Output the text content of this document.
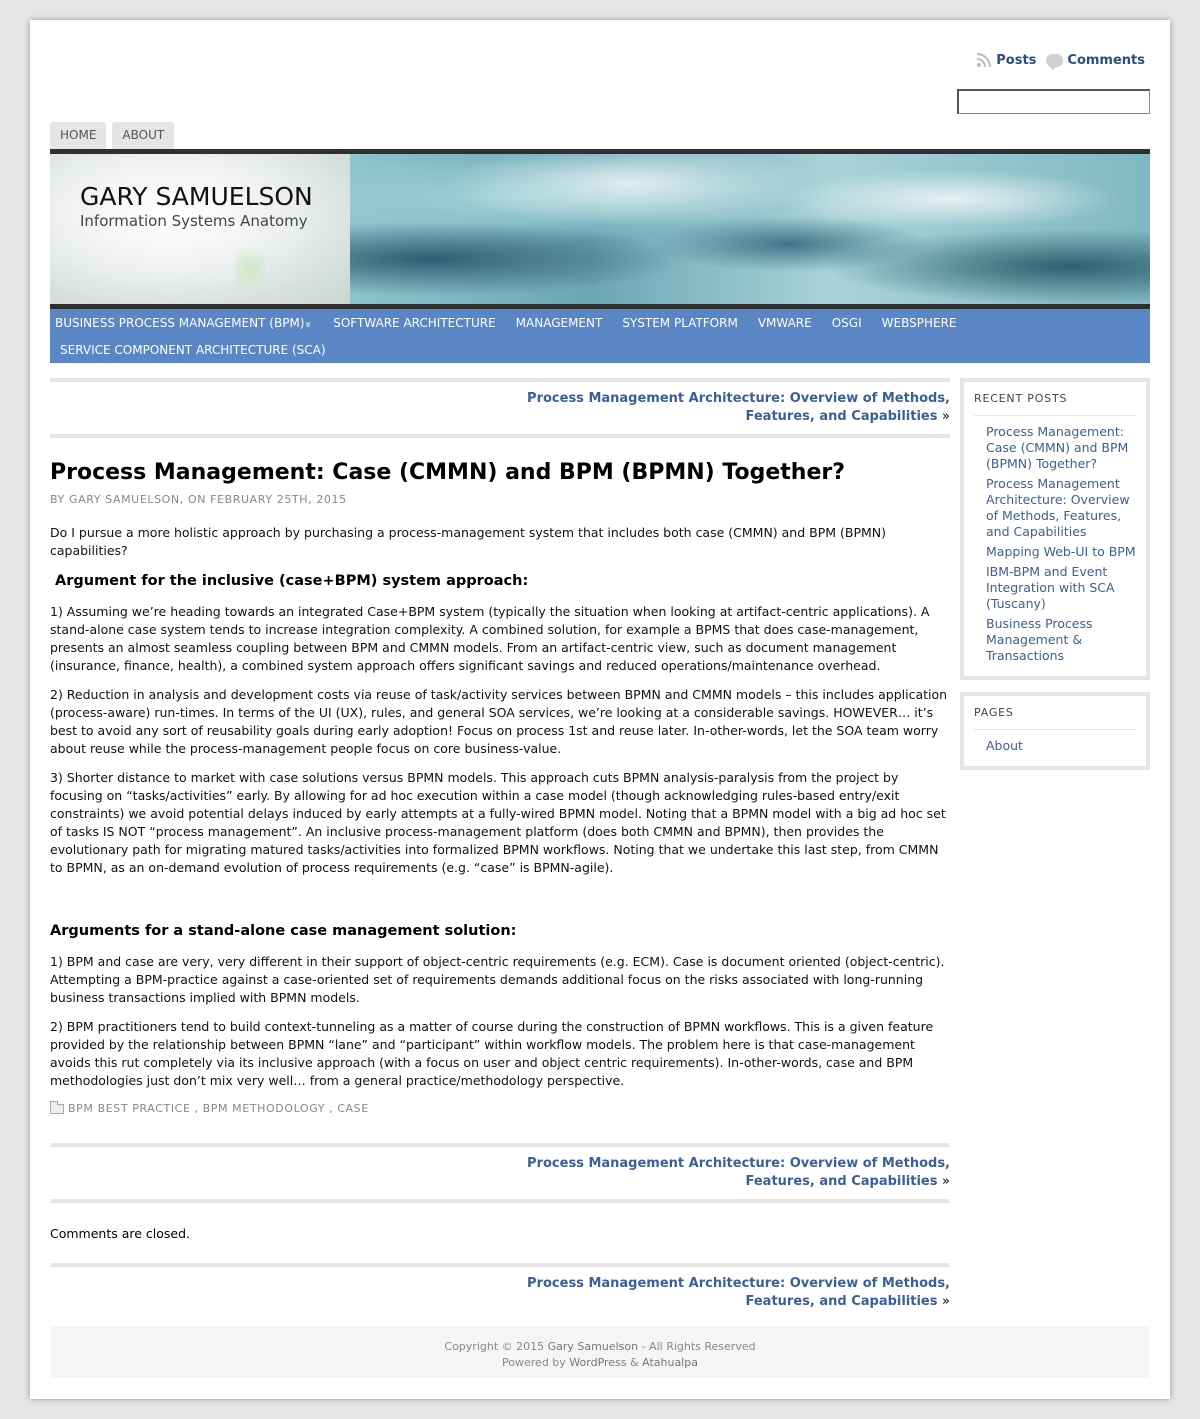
Posts Comments
HOME	ABOUT
GARY SAMUELSON
Information Systems Anatomy
BUSINESS PROCESS MANAGEMENT (BPM)»	SOFTWARE ARCHITECTURE	MANAGEMENT	SYSTEM PLATFORM	VMWARE	OSGI	WEBSPHERE
SERVICE COMPONENT ARCHITECTURE (SCA)
Process Management Architecture: Overview of Methods,
Features, and Capabilities »
Process Management: Case (CMMN) and BPM (BPMN) Together?
BY GARY SAMUELSON, ON FEBRUARY 25TH, 2015

Do I pursue a more holistic approach by purchasing a process-management system that includes both case (CMMN) and BPM (BPMN) capabilities?

Argument for the inclusive (case+BPM) system approach:

1) Assuming we’re heading towards an integrated Case+BPM system (typically the situation when looking at artifact-centric applications). A stand-alone case system tends to increase integration complexity. A combined solution, for example a BPMS that does case-management, presents an almost seamless coupling between BPM and CMMN models. From an artifact-centric view, such as document management (insurance, finance, health), a combined system approach offers significant savings and reduced operations/maintenance overhead.

2) Reduction in analysis and development costs via reuse of task/activity services between BPMN and CMMN models – this includes application (process-aware) run-times. In terms of the UI (UX), rules, and general SOA services, we’re looking at a considerable savings. HOWEVER… it’s best to avoid any sort of reusability goals during early adoption! Focus on process 1st and reuse later. In-other-words, let the SOA team worry about reuse while the process-management people focus on core business-value.

3) Shorter distance to market with case solutions versus BPMN models. This approach cuts BPMN analysis-paralysis from the project by focusing on “tasks/activities” early. By allowing for ad hoc execution within a case model (though acknowledging rules-based entry/exit constraints) we avoid potential delays induced by early attempts at a fully-wired BPMN model. Noting that a BPMN model with a big ad hoc set of tasks IS NOT “process management”. An inclusive process-management platform (does both CMMN and BPMN), then provides the evolutionary path for migrating matured tasks/activities into formalized BPMN workflows. Noting that we undertake this last step, from CMMN to BPMN, as an on-demand evolution of process requirements (e.g. “case” is BPMN-agile).

Arguments for a stand-alone case management solution:

1) BPM and case are very, very different in their support of object-centric requirements (e.g. ECM). Case is document oriented (object-centric). Attempting a BPM-practice against a case-oriented set of requirements demands additional focus on the risks associated with long-running business transactions implied with BPMN models.

2) BPM practitioners tend to build context-tunneling as a matter of course during the construction of BPMN workflows. This is a given feature provided by the relationship between BPMN “lane” and “participant” within workflow models. The problem here is that case-management avoids this rut completely via its inclusive approach (with a focus on user and object centric requirements). In-other-words, case and BPM methodologies just don’t mix very well… from a general practice/methodology perspective.

BPM BEST PRACTICE , BPM METHODOLOGY , CASE
Process Management Architecture: Overview of Methods,
Features, and Capabilities »
Comments are closed.
Process Management Architecture: Overview of Methods,
Features, and Capabilities »
RECENT POSTS
Process Management: Case (CMMN) and BPM (BPMN) Together?
Process Management Architecture: Overview of Methods, Features, and Capabilities
Mapping Web-UI to BPM
IBM-BPM and Event Integration with SCA (Tuscany)
Business Process Management & Transactions
PAGES
About
Copyright © 2015 Gary Samuelson - All Rights Reserved
Powered by WordPress & Atahualpa
